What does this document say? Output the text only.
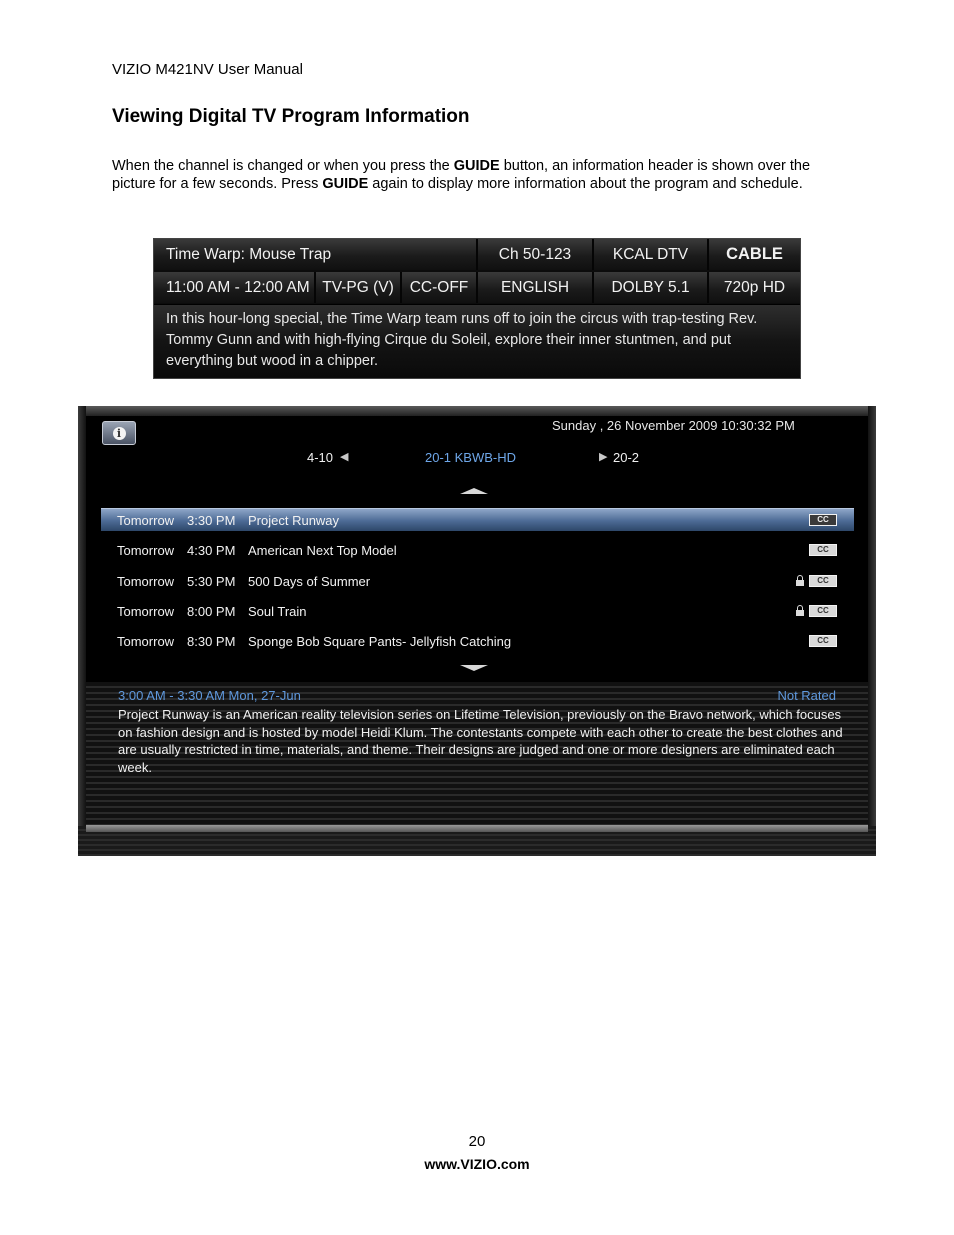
VIZIO M421NV User Manual
Viewing Digital TV Program Information

When the channel is changed or when you press the GUIDE button, an information header is shown over the picture for a few seconds. Press GUIDE again to display more information about the program and schedule.

Time Warp: Mouse Trap	Ch 50-123	KCAL DTV	CABLE
11:00 AM - 12:00 AM TV-PG (V)	CC-OFF	ENGLISH	DOLBY 5.1	720p HD
In this hour-long special, the Time Warp team runs off to join the circus with trap-testing Rev. Tommy Gunn and with high-flying Cirque du Soleil, explore their inner stuntmen, and put everything but wood in a chipper.
i	Sunday , 26 November 2009 10:30:32 PM
4-10 ◀	20-1 KBWB-HD	▶ 20-2
Tomorrow 3:30 PM Project Runway	CC
Tomorrow 4:30 PM American Next Top Model	CC
Tomorrow 5:30 PM 500 Days of Summer	CC
Tomorrow 8:00 PM Soul Train	CC
Tomorrow 8:30 PM Sponge Bob Square Pants- Jellyfish Catching	CC
3:00 AM - 3:30 AM Mon, 27-Jun	Not Rated

Project Runway is an American reality television series on Lifetime Television, previously on the Bravo network, which focuses on fashion design and is hosted by model Heidi Klum. The contestants compete with each other to create the best clothes and are usually restricted in time, materials, and theme. Their designs are judged and one or more designers are eliminated each week.

20
www.VIZIO.com
